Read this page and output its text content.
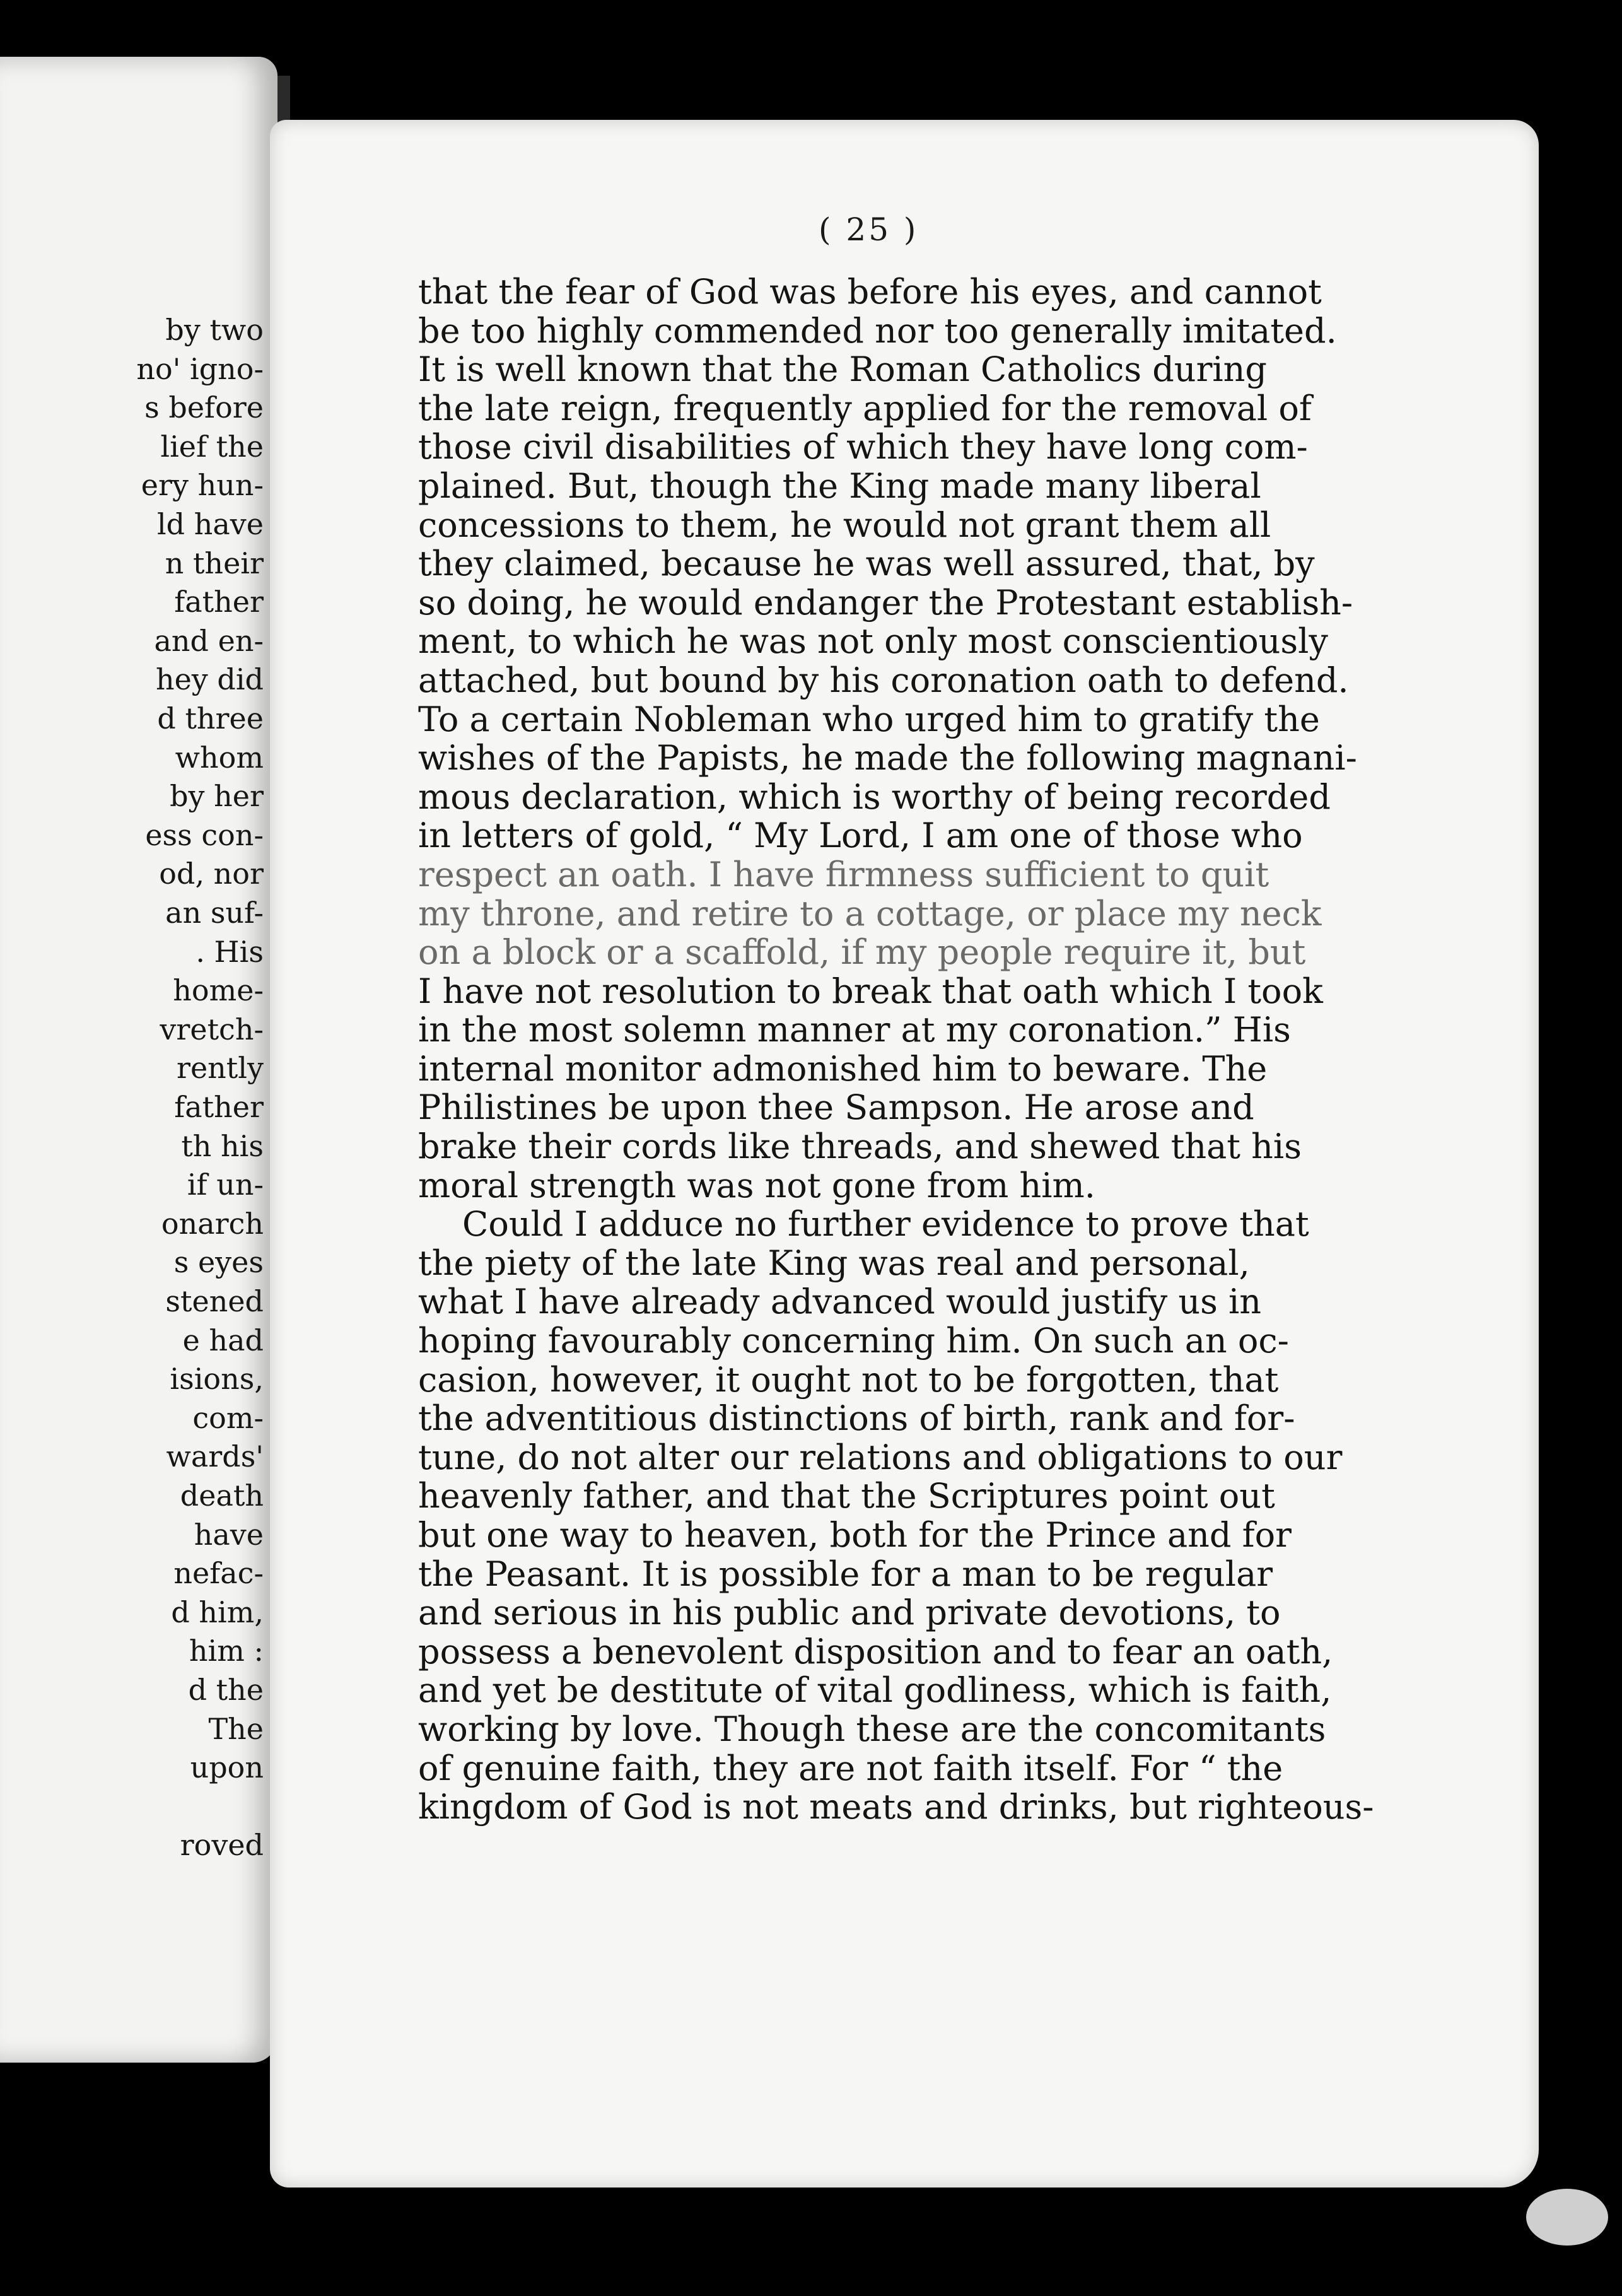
by two
no' igno-
s before
lief the
ery hun-
ld have
n their
father
and en-
hey did
d three
whom
by her
ess con-
od, nor
an suf-
. His
home-
vretch-
rently
father
th his
if un-
onarch
s eyes
stened
e had
isions,
com-
wards'
death
have
nefac-
d him,
him :
d the
The
upon
roved
( 25 )
that the fear of God was before his eyes, and cannot
be too highly commended nor too generally imitated.
It is well known that the Roman Catholics during
the late reign, frequently applied for the removal of
those civil disabilities of which they have long com-
plained. But, though the King made many liberal
concessions to them, he would not grant them all
they claimed, because he was well assured, that, by
so doing, he would endanger the Protestant establish-
ment, to which he was not only most conscientiously
attached, but bound by his coronation oath to defend.
To a certain Nobleman who urged him to gratify the
wishes of the Papists, he made the following magnani-
mous declaration, which is worthy of being recorded
in letters of gold, “ My Lord, I am one of those who
respect an oath. I have firmness sufficient to quit
my throne, and retire to a cottage, or place my neck
on a block or a scaffold, if my people require it, but
I have not resolution to break that oath which I took
in the most solemn manner at my coronation.” His
internal monitor admonished him to beware. The
Philistines be upon thee Sampson. He arose and
brake their cords like threads, and shewed that his
moral strength was not gone from him.
Could I adduce no further evidence to prove that
the piety of the late King was real and personal,
what I have already advanced would justify us in
hoping favourably concerning him. On such an oc-
casion, however, it ought not to be forgotten, that
the adventitious distinctions of birth, rank and for-
tune, do not alter our relations and obligations to our
heavenly father, and that the Scriptures point out
but one way to heaven, both for the Prince and for
the Peasant. It is possible for a man to be regular
and serious in his public and private devotions, to
possess a benevolent disposition and to fear an oath,
and yet be destitute of vital godliness, which is faith,
working by love. Though these are the concomitants
of genuine faith, they are not faith itself. For “ the
kingdom of God is not meats and drinks, but righteous-
